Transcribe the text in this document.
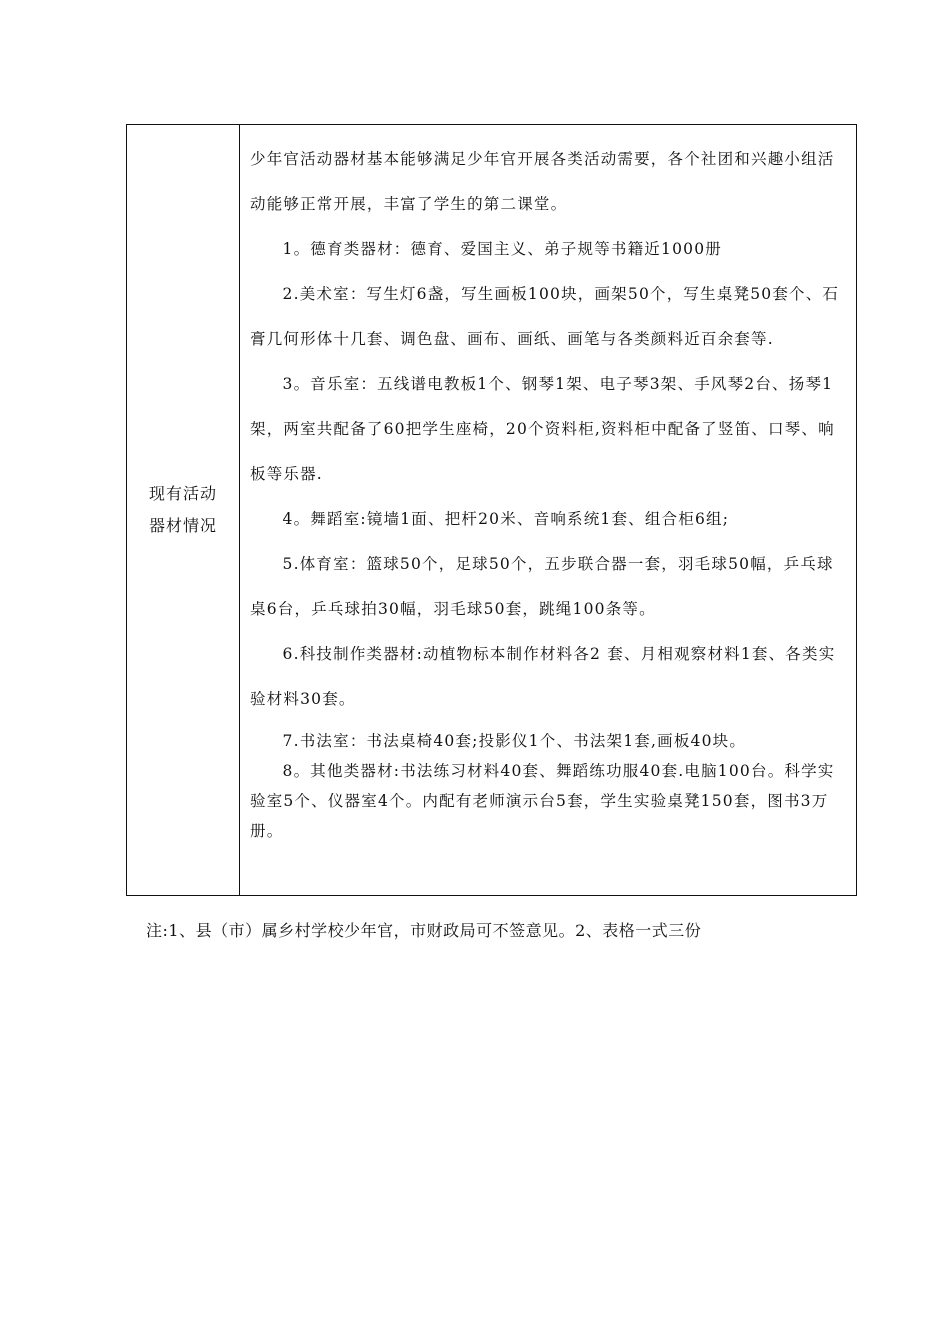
现有活动
器材情况

少年官活动器材基本能够满足少年官开展各类活动需要，各个社团和兴趣小组活动能够正常开展，丰富了学生的第二课堂。

1。德育类器材：德育、爱国主义、弟子规等书籍近1000册

2.美术室：写生灯6盏，写生画板100块，画架50个，写生桌凳50套个、石膏几何形体十几套、调色盘、画布、画纸、画笔与各类颜料近百余套等.

3。音乐室：五线谱电教板1个、钢琴1架、电子琴3架、手风琴2台、扬琴1架，两室共配备了60把学生座椅，20个资料柜,资料柜中配备了竖笛、口琴、响板等乐器.

4。舞蹈室:镜墙1面、把杆20米、音响系统1套、组合柜6组;

5.体育室：篮球50个，足球50个，五步联合器一套，羽毛球50幅，乒乓球桌6台，乒乓球拍30幅，羽毛球50套，跳绳100条等。

6.科技制作类器材:动植物标本制作材料各2 套、月相观察材料1套、各类实验材料30套。

7.书法室：书法桌椅40套;投影仪1个、书法架1套,画板40块。

8。其他类器材:书法练习材料40套、舞蹈练功服40套.电脑100台。科学实验室5个、仪器室4个。内配有老师演示台5套，学生实验桌凳150套，图书3万册。

注:1、县（市）属乡村学校少年官，市财政局可不签意见。2、表格一式三份
